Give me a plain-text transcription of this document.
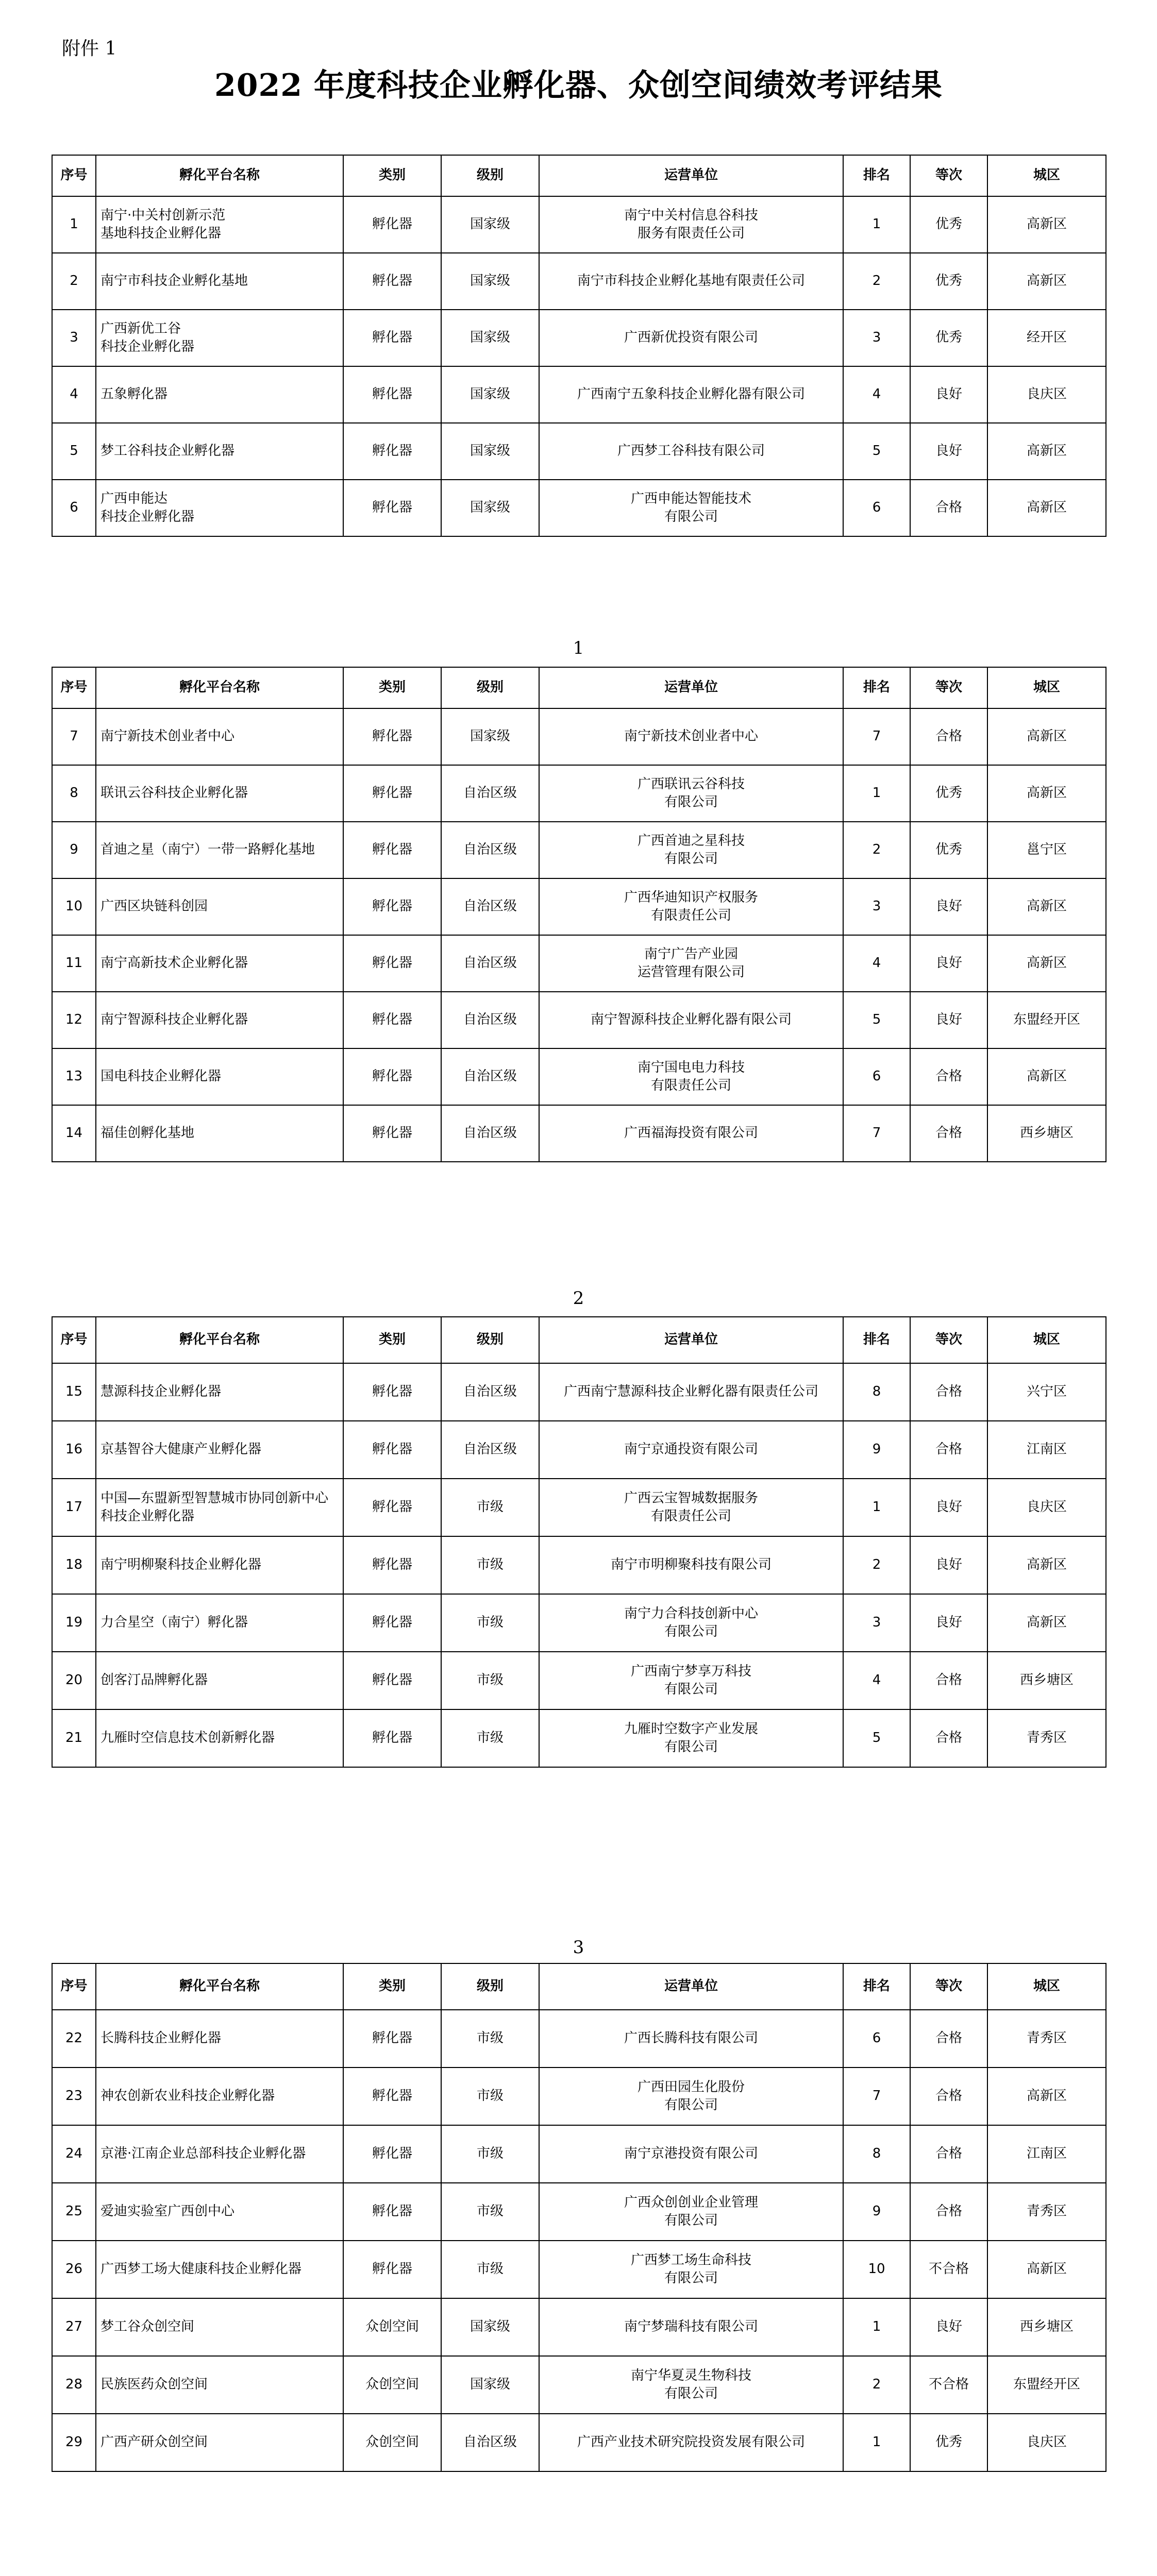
附件 1
2022 年度科技企业孵化器、众创空间绩效考评结果
序号	孵化平台名称	类别	级别	运营单位	排名	等次	城区
1	南宁·中关村创新示范
基地科技企业孵化器	孵化器	国家级	南宁中关村信息谷科技
服务有限责任公司	1	优秀	高新区
2	南宁市科技企业孵化基地	孵化器	国家级	南宁市科技企业孵化基地有限责任公司	2	优秀	高新区
3	广西新优工谷
科技企业孵化器	孵化器	国家级	广西新优投资有限公司	3	优秀	经开区
4	五象孵化器	孵化器	国家级	广西南宁五象科技企业孵化器有限公司	4	良好	良庆区
5	梦工谷科技企业孵化器	孵化器	国家级	广西梦工谷科技有限公司	5	良好	高新区
6	广西申能达
科技企业孵化器	孵化器	国家级	广西申能达智能技术
有限公司	6	合格	高新区
1
序号	孵化平台名称	类别	级别	运营单位	排名	等次	城区
7	南宁新技术创业者中心	孵化器	国家级	南宁新技术创业者中心	7	合格	高新区
8	联讯云谷科技企业孵化器	孵化器	自治区级	广西联讯云谷科技
有限公司	1	优秀	高新区
9	首迪之星（南宁）一带一路孵化基地	孵化器	自治区级	广西首迪之星科技
有限公司	2	优秀	邕宁区
10	广西区块链科创园	孵化器	自治区级	广西华迪知识产权服务
有限责任公司	3	良好	高新区
11	南宁高新技术企业孵化器	孵化器	自治区级	南宁广告产业园
运营管理有限公司	4	良好	高新区
12	南宁智源科技企业孵化器	孵化器	自治区级	南宁智源科技企业孵化器有限公司	5	良好	东盟经开区
13	国电科技企业孵化器	孵化器	自治区级	南宁国电电力科技
有限责任公司	6	合格	高新区
14	福佳创孵化基地	孵化器	自治区级	广西福海投资有限公司	7	合格	西乡塘区
2
序号	孵化平台名称	类别	级别	运营单位	排名	等次	城区
15	慧源科技企业孵化器	孵化器	自治区级	广西南宁慧源科技企业孵化器有限责任公司	8	合格	兴宁区
16	京基智谷大健康产业孵化器	孵化器	自治区级	南宁京通投资有限公司	9	合格	江南区
17	中国—东盟新型智慧城市协同创新中心
科技企业孵化器	孵化器	市级	广西云宝智城数据服务
有限责任公司	1	良好	良庆区
18	南宁明柳聚科技企业孵化器	孵化器	市级	南宁市明柳聚科技有限公司	2	良好	高新区
19	力合星空（南宁）孵化器	孵化器	市级	南宁力合科技创新中心
有限公司	3	良好	高新区
20	创客汀品牌孵化器	孵化器	市级	广西南宁梦享万科技
有限公司	4	合格	西乡塘区
21	九雁时空信息技术创新孵化器	孵化器	市级	九雁时空数字产业发展
有限公司	5	合格	青秀区
3
序号	孵化平台名称	类别	级别	运营单位	排名	等次	城区
22	长腾科技企业孵化器	孵化器	市级	广西长腾科技有限公司	6	合格	青秀区
23	神农创新农业科技企业孵化器	孵化器	市级	广西田园生化股份
有限公司	7	合格	高新区
24	京港·江南企业总部科技企业孵化器	孵化器	市级	南宁京港投资有限公司	8	合格	江南区
25	爱迪实验室广西创中心	孵化器	市级	广西众创创业企业管理
有限公司	9	合格	青秀区
26	广西梦工场大健康科技企业孵化器	孵化器	市级	广西梦工场生命科技
有限公司	10	不合格	高新区
27	梦工谷众创空间	众创空间	国家级	南宁梦瑞科技有限公司	1	良好	西乡塘区
28	民族医药众创空间	众创空间	国家级	南宁华夏灵生物科技
有限公司	2	不合格	东盟经开区
29	广西产研众创空间	众创空间	自治区级	广西产业技术研究院投资发展有限公司	1	优秀	良庆区
